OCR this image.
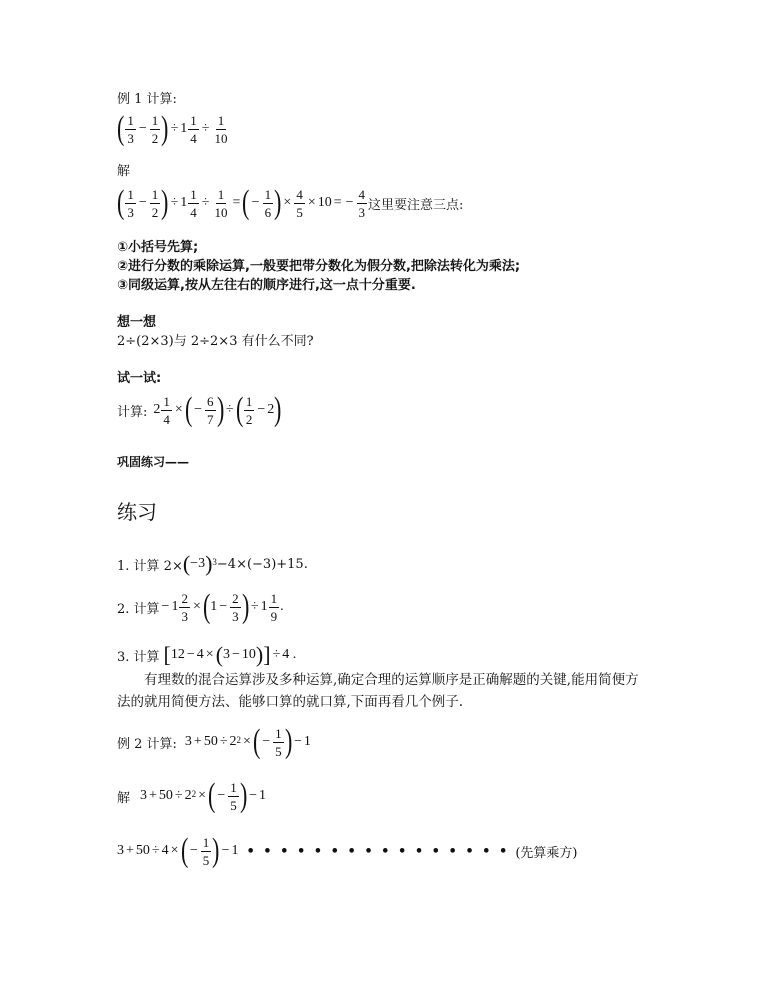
例 1 计算:
( $\frac{1}{3} - \frac{1}{2}$ ) ÷ $1 \frac{1}{4} \div \frac{1}{10}$
解
( $\frac{1}{3} - \frac{1}{2}$ ) ÷ $1 \frac{1}{4} \div \frac{1}{10}$ = ( − $\frac{1}{6}$ ) × $\frac{4}{5} \times 10$ = − $\frac{4}{3}$ 这里要注意三点:
①小括号先算;
②进行分数的乘除运算,一般要把带分数化为假分数,把除法转化为乘法;
③同级运算,按从左往右的顺序进行,这一点十分重要.
想一想
2÷(2×3)与 2÷2×3 有什么不同?
试一试:
计算: $2 \frac{1}{4}$ × ( − $\frac{6}{7}$ ) ÷ ( $\frac{1}{2} - 2$ )
巩固练习——
练习
1. 计算 2× ( −3 )$^3$ −4×(−3)+15.
2. 计算 − $1 \frac{2}{3}$ × ( $1 - \frac{2}{3}$ ) ÷ $1 \frac{1}{9}$ .
3. 计算 [ 12 − 4 × ( 3 − 10 ) ] ÷ 4 .
有理数的混合运算涉及多种运算,确定合理的运算顺序是正确解题的关键,能用简便方法的就用简便方法、能够口算的就口算,下面再看几个例子.
例 2 计算: $3 + 50 \div 2^2$ × ( − $\frac{1}{5}$ ) − 1
解 $3 + 50 \div 2^2$ × ( − $\frac{1}{5}$ ) − 1
3 + 50 ÷ 4 × ( − $\frac{1}{5}$ ) − 1 • • • • • • • • • • • • • • • • (先算乘方)
